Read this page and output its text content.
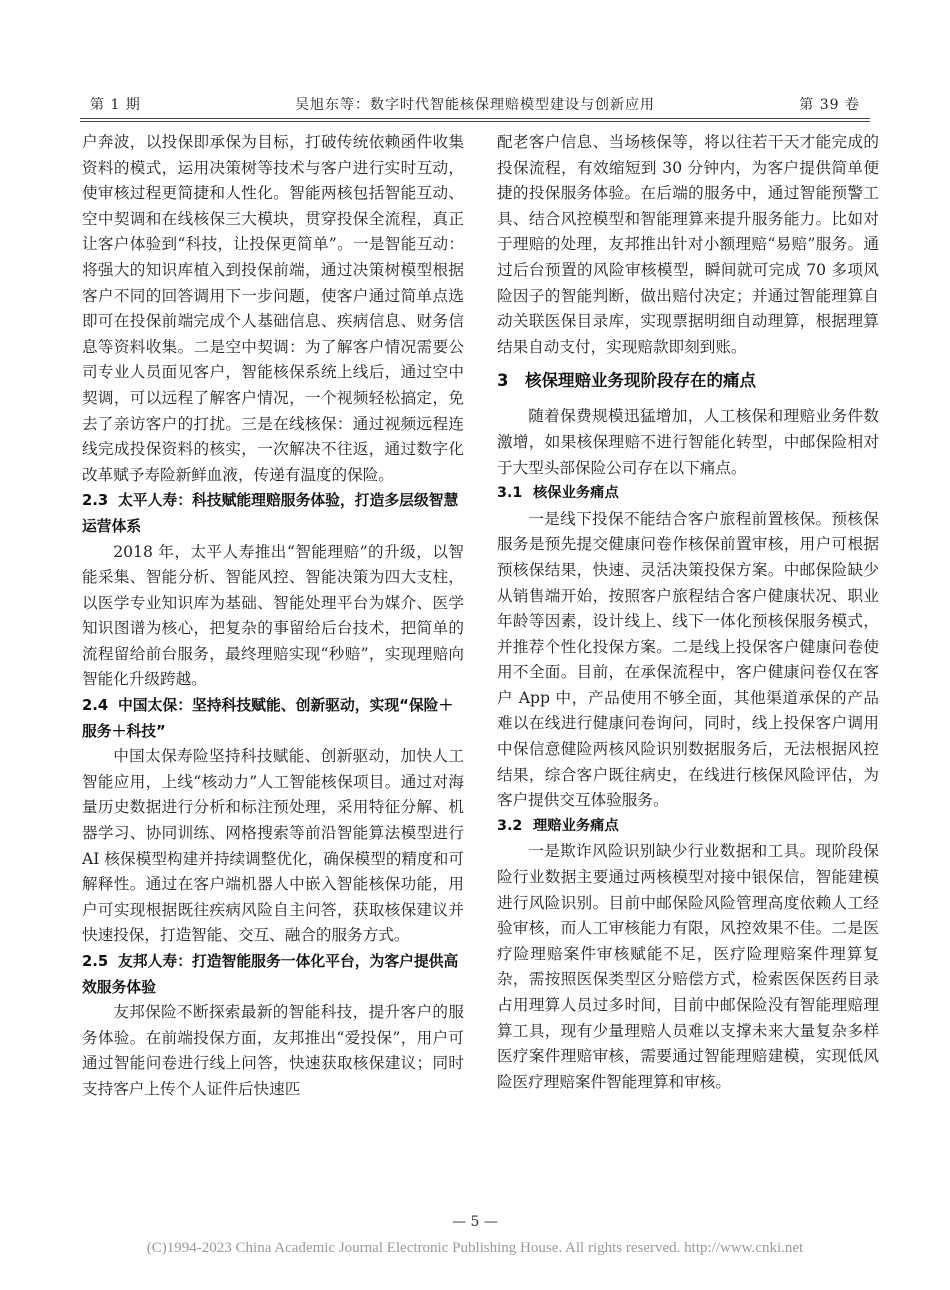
第 1 期	吴旭东等：数字时代智能核保理赔模型建设与创新应用	第 39 卷

户奔波，以投保即承保为目标，打破传统依赖函件收集资料的模式，运用决策树等技术与客户进行实时互动，使审核过程更简捷和人性化。智能两核包括智能互动、空中契调和在线核保三大模块，贯穿投保全流程，真正让客户体验到“科技，让投保更简单”。一是智能互动：将强大的知识库植入到投保前端，通过决策树模型根据客户不同的回答调用下一步问题，使客户通过简单点选即可在投保前端完成个人基础信息、疾病信息、财务信息等资料收集。二是空中契调：为了解客户情况需要公司专业人员面见客户，智能核保系统上线后，通过空中契调，可以远程了解客户情况，一个视频轻松搞定，免去了亲访客户的打扰。三是在线核保：通过视频远程连线完成投保资料的核实，一次解决不往返，通过数字化改革赋予寿险新鲜血液，传递有温度的保险。

2.3 太平人寿：科技赋能理赔服务体验，打造多层级智慧运营体系

2018 年，太平人寿推出“智能理赔”的升级，以智能采集、智能分析、智能风控、智能决策为四大支柱，以医学专业知识库为基础、智能处理平台为媒介、医学知识图谱为核心，把复杂的事留给后台技术，把简单的流程留给前台服务，最终理赔实现“秒赔”，实现理赔向智能化升级跨越。

2.4 中国太保：坚持科技赋能、创新驱动，实现“保险＋服务＋科技”

中国太保寿险坚持科技赋能、创新驱动，加快人工智能应用，上线“核动力”人工智能核保项目。通过对海量历史数据进行分析和标注预处理，采用特征分解、机器学习、协同训练、网格搜索等前沿智能算法模型进行 AI 核保模型构建并持续调整优化，确保模型的精度和可解释性。通过在客户端机器人中嵌入智能核保功能，用户可实现根据既往疾病风险自主问答，获取核保建议并快速投保，打造智能、交互、融合的服务方式。

2.5 友邦人寿：打造智能服务一体化平台，为客户提供高效服务体验

友邦保险不断探索最新的智能科技，提升客户的服务体验。在前端投保方面，友邦推出“爱投保”，用户可通过智能问卷进行线上问答，快速获取核保建议；同时支持客户上传个人证件后快速匹

配老客户信息、当场核保等，将以往若干天才能完成的投保流程，有效缩短到 30 分钟内，为客户提供简单便捷的投保服务体验。在后端的服务中，通过智能预警工具、结合风控模型和智能理算来提升服务能力。比如对于理赔的处理，友邦推出针对小额理赔“易赔”服务。通过后台预置的风险审核模型，瞬间就可完成 70 多项风险因子的智能判断，做出赔付决定；并通过智能理算自动关联医保目录库，实现票据明细自动理算，根据理算结果自动支付，实现赔款即刻到账。

3 核保理赔业务现阶段存在的痛点

随着保费规模迅猛增加，人工核保和理赔业务件数激增，如果核保理赔不进行智能化转型，中邮保险相对于大型头部保险公司存在以下痛点。

3.1 核保业务痛点

一是线下投保不能结合客户旅程前置核保。预核保服务是预先提交健康问卷作核保前置审核，用户可根据预核保结果，快速、灵活决策投保方案。中邮保险缺少从销售端开始，按照客户旅程结合客户健康状况、职业年龄等因素，设计线上、线下一体化预核保服务模式，并推荐个性化投保方案。二是线上投保客户健康问卷使用不全面。目前，在承保流程中，客户健康问卷仅在客户 App 中，产品使用不够全面，其他渠道承保的产品难以在线进行健康问卷询问，同时，线上投保客户调用中保信意健险两核风险识别数据服务后，无法根据风控结果，综合客户既往病史，在线进行核保风险评估，为客户提供交互体验服务。

3.2 理赔业务痛点

一是欺诈风险识别缺少行业数据和工具。现阶段保险行业数据主要通过两核模型对接中银保信，智能建模进行风险识别。目前中邮保险风险管理高度依赖人工经验审核，而人工审核能力有限，风控效果不佳。二是医疗险理赔案件审核赋能不足，医疗险理赔案件理算复杂，需按照医保类型区分赔偿方式，检索医保医药目录占用理算人员过多时间，目前中邮保险没有智能理赔理算工具，现有少量理赔人员难以支撑未来大量复杂多样医疗案件理赔审核，需要通过智能理赔建模，实现低风险医疗理赔案件智能理算和审核。

— 5 —
(C)1994-2023 China Academic Journal Electronic Publishing House. All rights reserved. http://www.cnki.net
